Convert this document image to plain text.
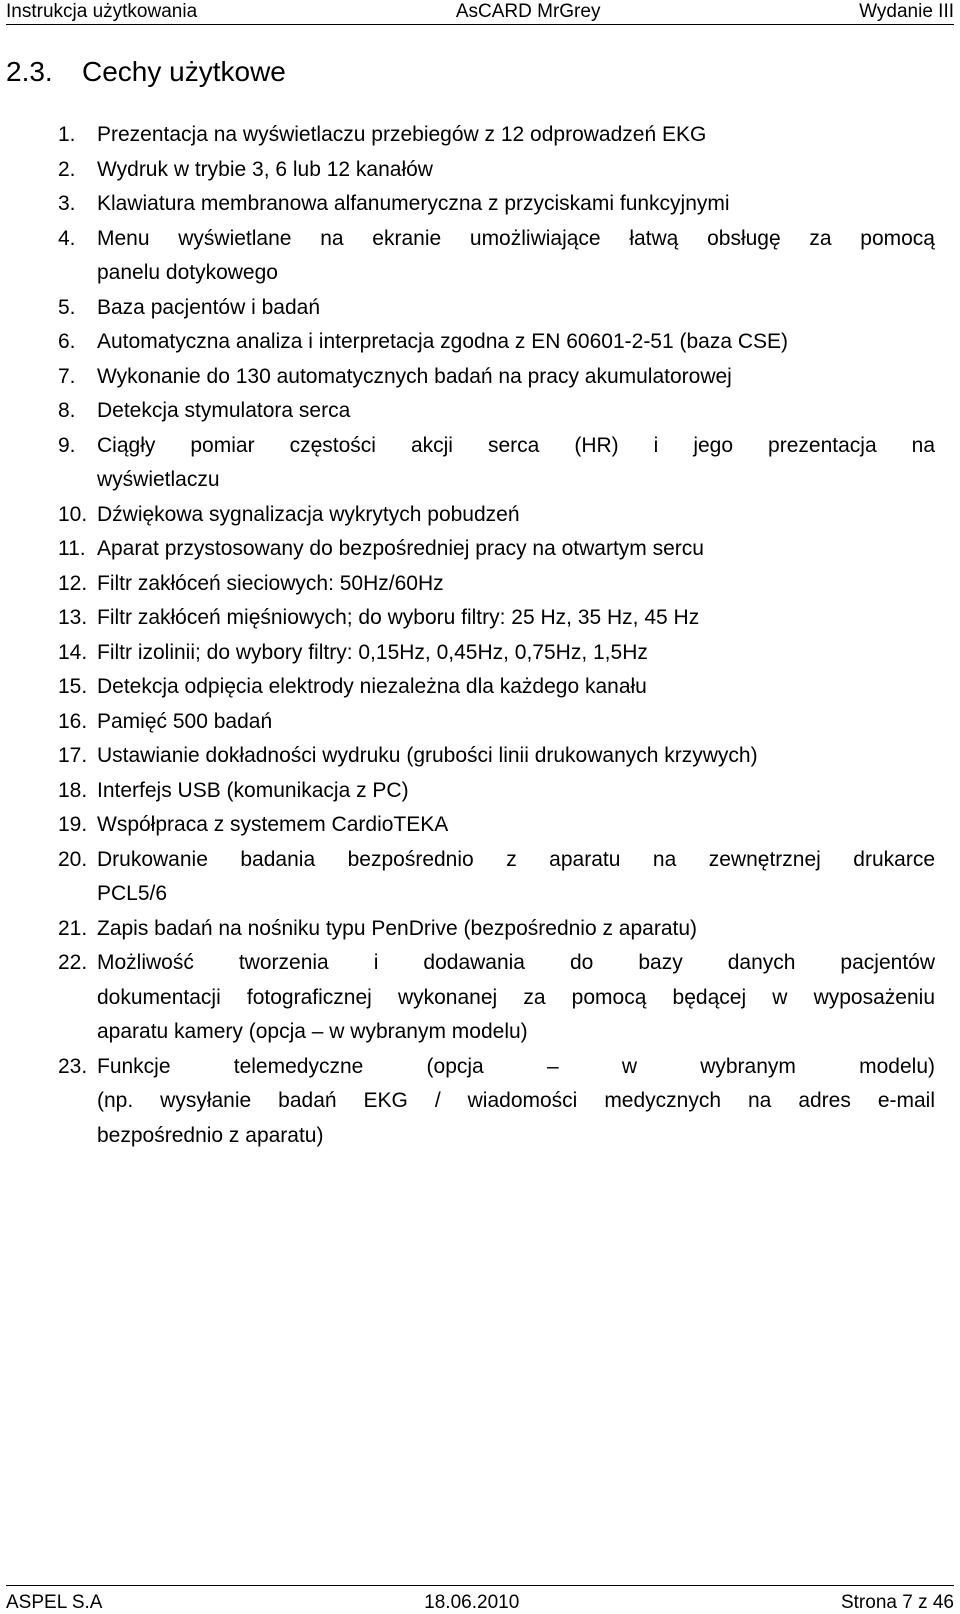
Instrukcja użytkowania	AsCARD MrGrey	Wydanie III
2.3. Cechy użytkowe
1.	Prezentacja na wyświetlaczu przebiegów z 12 odprowadzeń EKG
2.	Wydruk w trybie 3, 6 lub 12 kanałów
3.	Klawiatura membranowa alfanumeryczna z przyciskami funkcyjnymi
4.	Menu wyświetlane na ekranie umożliwiające łatwą obsługę za pomocą
panelu dotykowego
5.	Baza pacjentów i badań
6.	Automatyczna analiza i interpretacja zgodna z EN 60601-2-51 (baza CSE)
7.	Wykonanie do 130 automatycznych badań na pracy akumulatorowej
8.	Detekcja stymulatora serca
9.	Ciągły pomiar częstości akcji serca (HR) i jego prezentacja na
wyświetlaczu
10. Dźwiękowa sygnalizacja wykrytych pobudzeń
11. Aparat przystosowany do bezpośredniej pracy na otwartym sercu
12. Filtr zakłóceń sieciowych: 50Hz/60Hz
13. Filtr zakłóceń mięśniowych; do wyboru filtry: 25 Hz, 35 Hz, 45 Hz
14. Filtr izolinii; do wybory filtry: 0,15Hz, 0,45Hz, 0,75Hz, 1,5Hz
15. Detekcja odpięcia elektrody niezależna dla każdego kanału
16. Pamięć 500 badań
17. Ustawianie dokładności wydruku (grubości linii drukowanych krzywych)
18. Interfejs USB (komunikacja z PC)
19. Współpraca z systemem CardioTEKA
20. Drukowanie badania bezpośrednio z aparatu na zewnętrznej drukarce
PCL5/6
21. Zapis badań na nośniku typu PenDrive (bezpośrednio z aparatu)
22. Możliwość tworzenia i dodawania do bazy danych pacjentów
dokumentacji fotograficznej wykonanej za pomocą będącej w wyposażeniu
aparatu kamery (opcja – w wybranym modelu)
23. Funkcje telemedyczne (opcja – w wybranym modelu)
(np. wysyłanie badań EKG / wiadomości medycznych na adres e-mail
bezpośrednio z aparatu)
ASPEL S.A	18.06.2010	Strona 7 z 46
